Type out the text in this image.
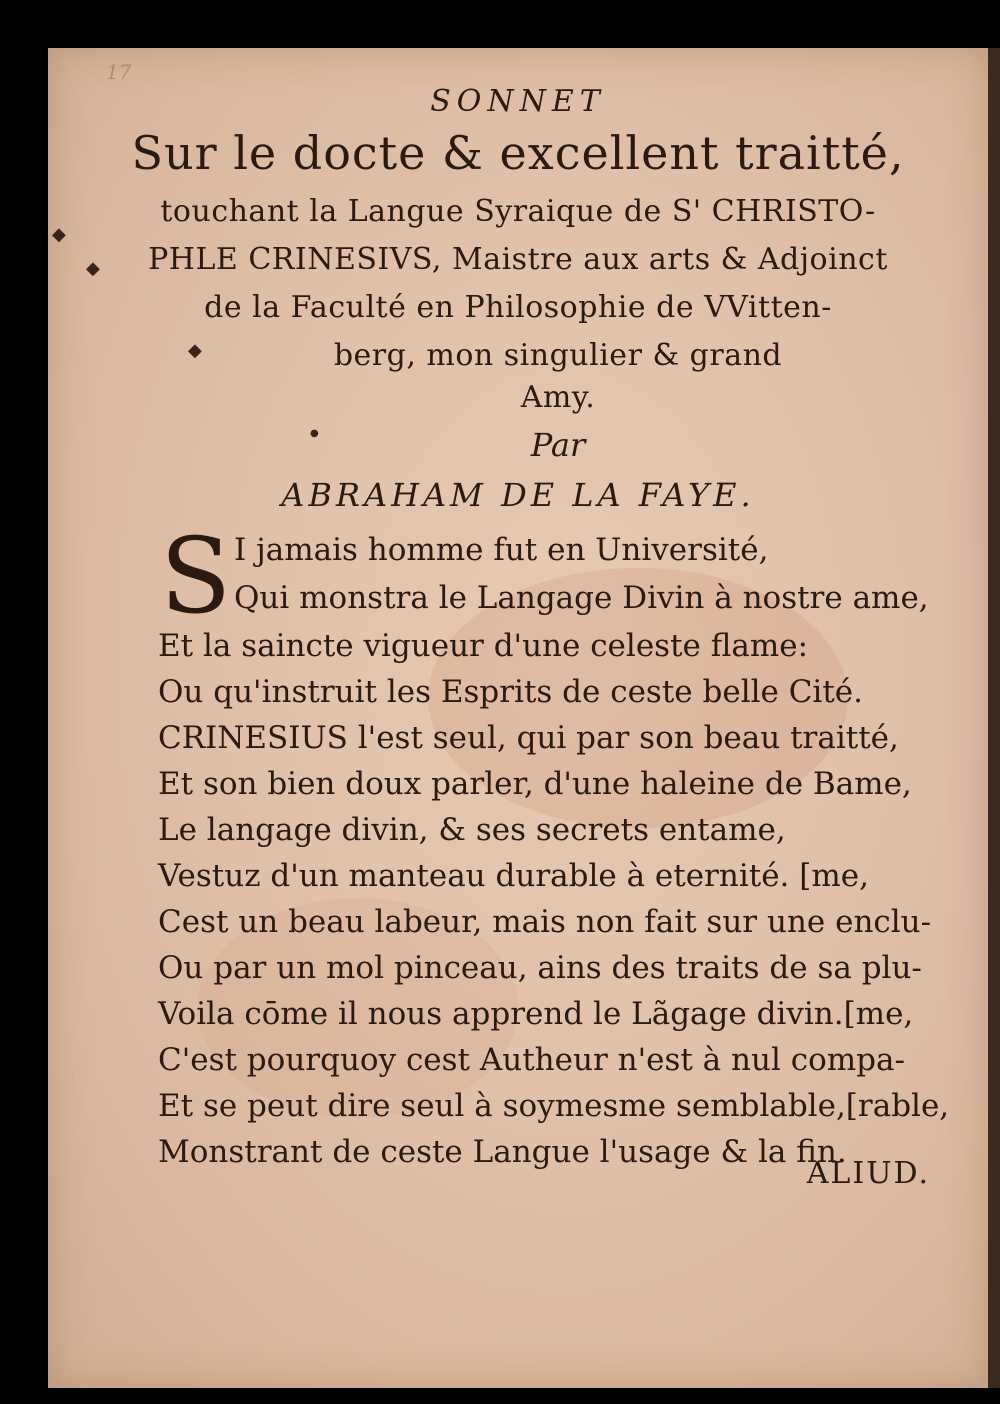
17
◆
◆
◆
●
SONNET
Sur le docte & excellent traitté,
touchant la Langue Syraique de S' CHRISTO-
PHLE CRINESIVS, Maistre aux arts & Adjoinct
de la Faculté en Philosophie de VVitten-
berg, mon singulier & grand
Amy.
Par
ABRAHAM DE LA FAYE.
S I jamais homme fut en Université,
Qui monstra le Langage Divin à nostre ame,
Et la saincte vigueur d'une celeste flame:
Ou qu'instruit les Esprits de ceste belle Cité.
CRINESIUS l'est seul, qui par son beau traitté,
Et son bien doux parler, d'une haleine de Bame,
Le langage divin, & ses secrets entame,
Vestuz d'un manteau durable à eternité. [me,
Cest un beau labeur, mais non fait sur une enclu-
Ou par un mol pinceau, ains des traits de sa plu-
Voila cōme il nous apprend le Lãgage divin.[me,
C'est pourquoy cest Autheur n'est à nul compa-
Et se peut dire seul à soymesme semblable,[rable,
Monstrant de ceste Langue l'usage & la fin.
ALIUD.
